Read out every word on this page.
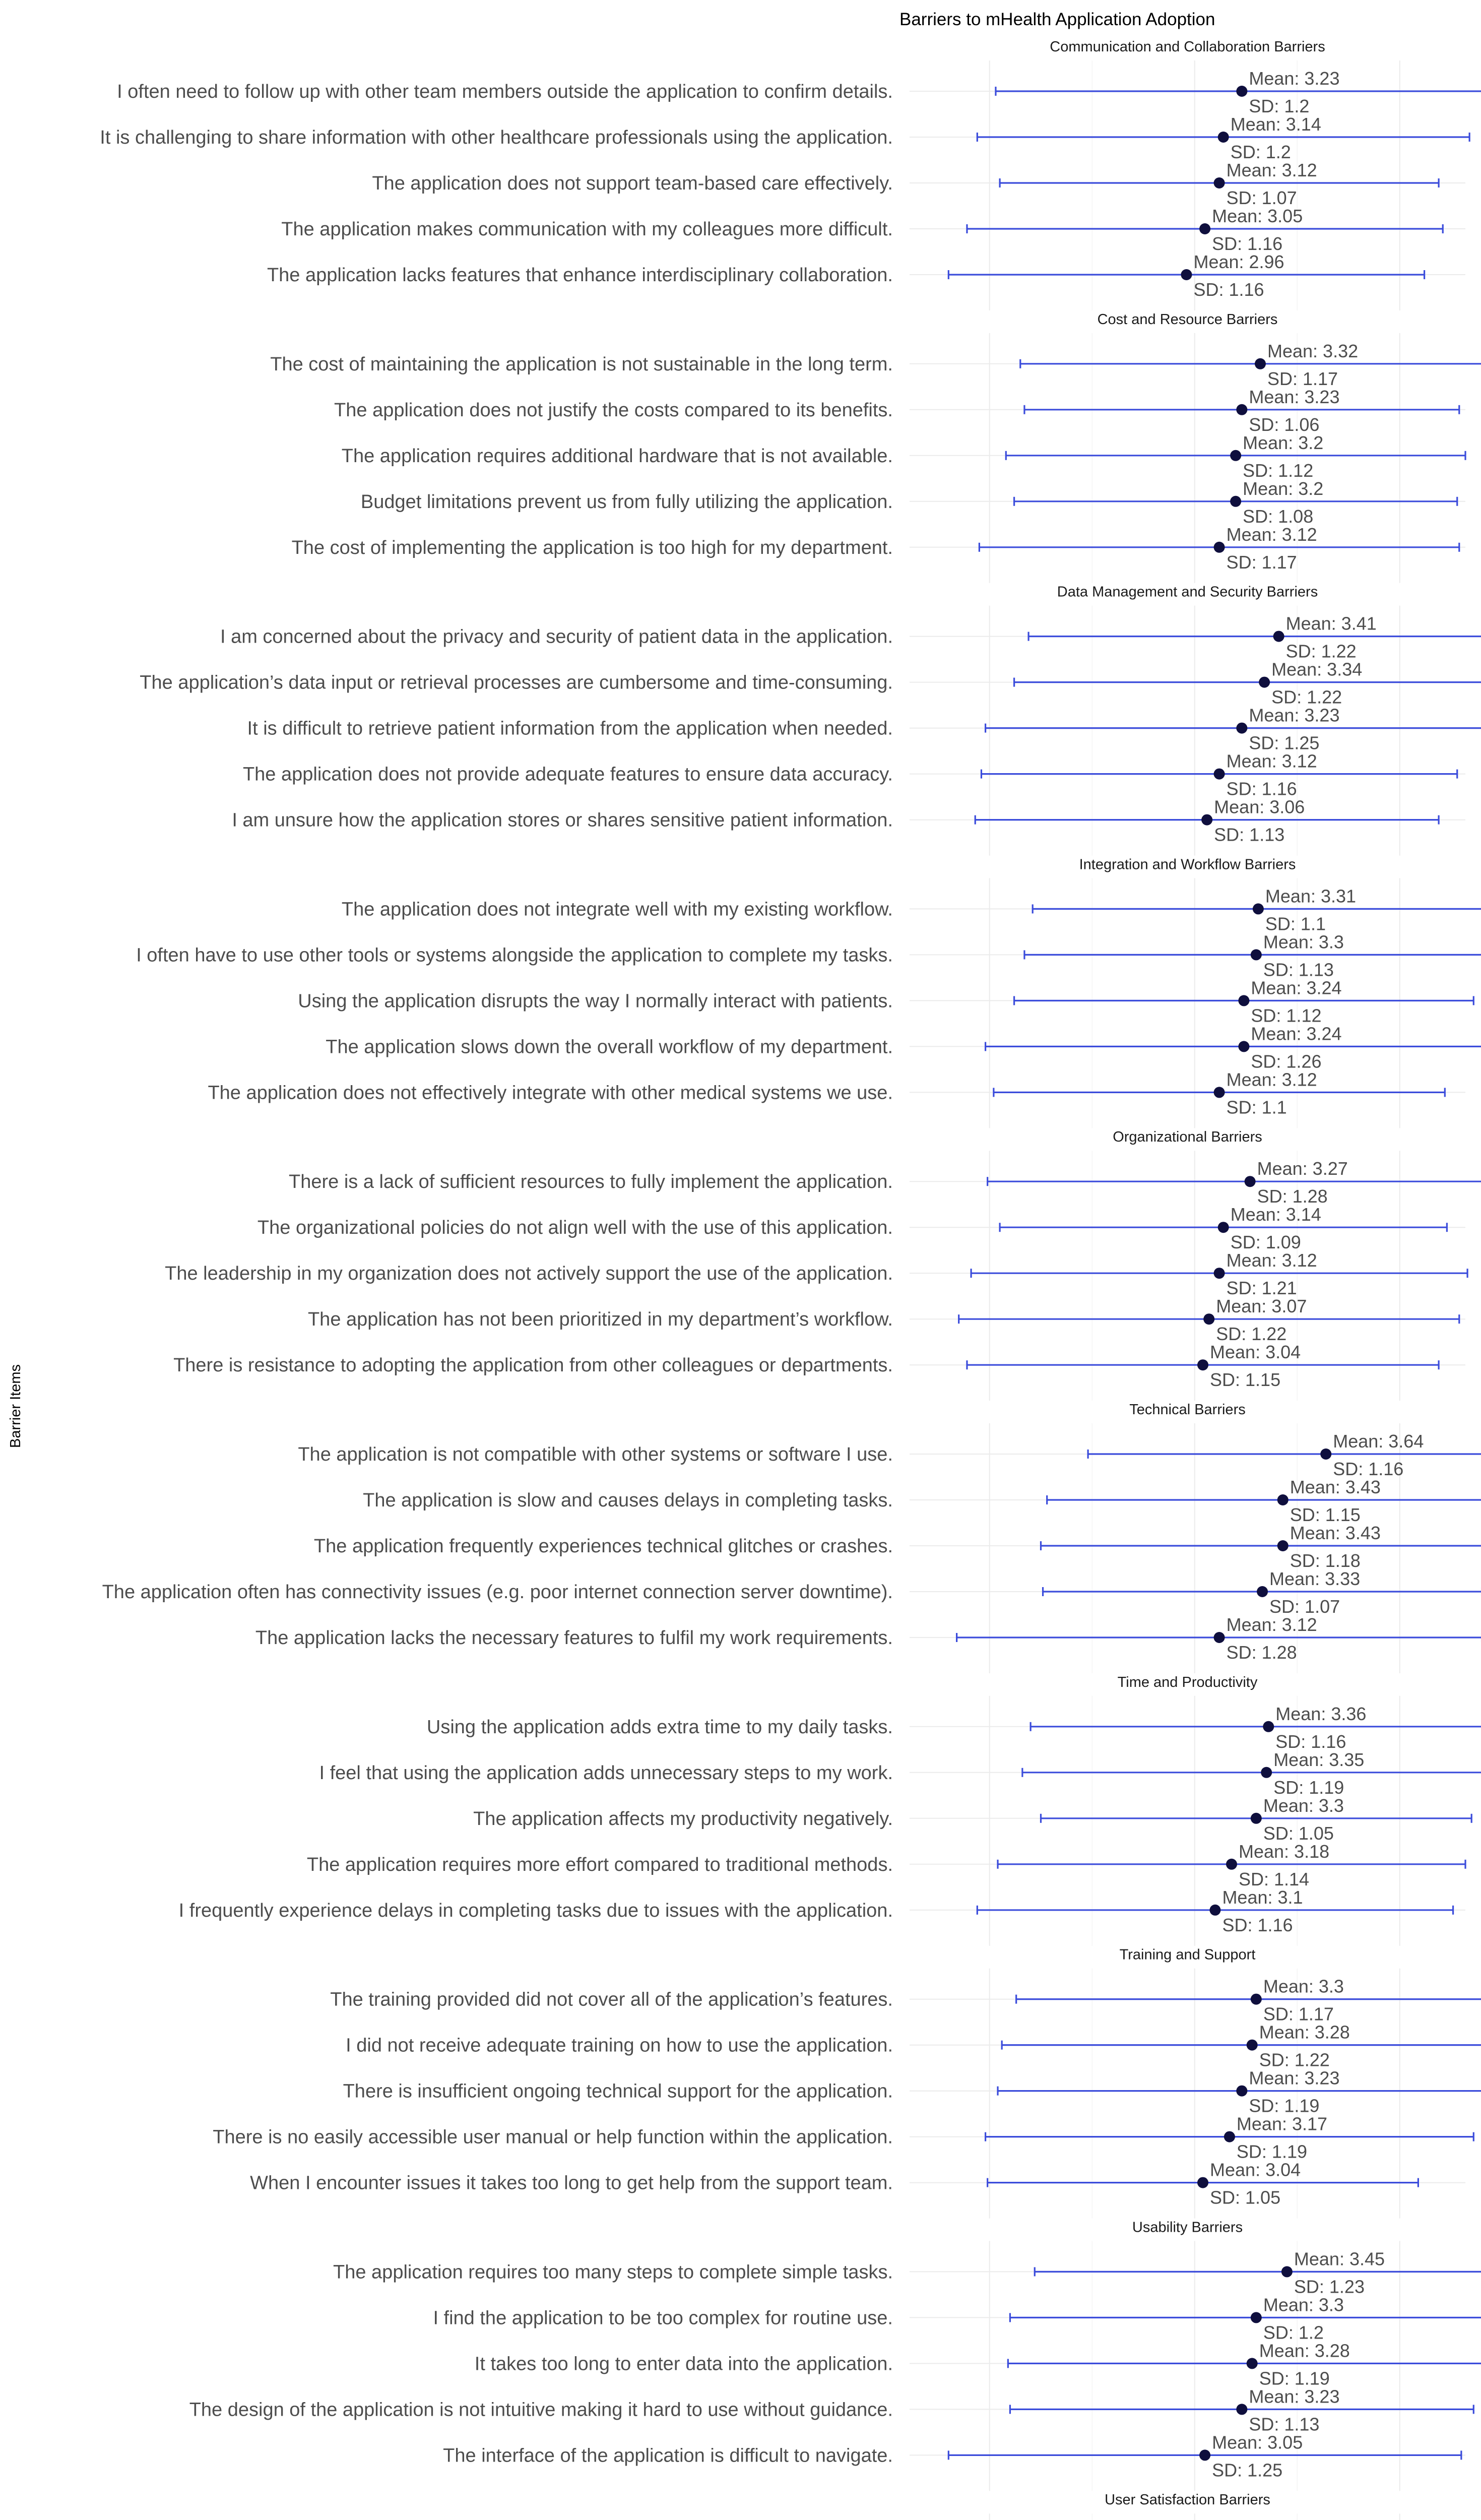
Barriers to mHealth Application Adoption
Barrier Items
Communication and Collaboration Barriers
I often need to follow up with other team members outside the application to confirm details.
Mean: 3.23
SD: 1.2
It is challenging to share information with other healthcare professionals using the application.
Mean: 3.14
SD: 1.2
The application does not support team-based care effectively.
Mean: 3.12
SD: 1.07
The application makes communication with my colleagues more difficult.
Mean: 3.05
SD: 1.16
The application lacks features that enhance interdisciplinary collaboration.
Mean: 2.96
SD: 1.16
Cost and Resource Barriers
The cost of maintaining the application is not sustainable in the long term.
Mean: 3.32
SD: 1.17
The application does not justify the costs compared to its benefits.
Mean: 3.23
SD: 1.06
The application requires additional hardware that is not available.
Mean: 3.2
SD: 1.12
Budget limitations prevent us from fully utilizing the application.
Mean: 3.2
SD: 1.08
The cost of implementing the application is too high for my department.
Mean: 3.12
SD: 1.17
Data Management and Security Barriers
I am concerned about the privacy and security of patient data in the application.
Mean: 3.41
SD: 1.22
The application’s data input or retrieval processes are cumbersome and time-consuming.
Mean: 3.34
SD: 1.22
It is difficult to retrieve patient information from the application when needed.
Mean: 3.23
SD: 1.25
The application does not provide adequate features to ensure data accuracy.
Mean: 3.12
SD: 1.16
I am unsure how the application stores or shares sensitive patient information.
Mean: 3.06
SD: 1.13
Integration and Workflow Barriers
The application does not integrate well with my existing workflow.
Mean: 3.31
SD: 1.1
I often have to use other tools or systems alongside the application to complete my tasks.
Mean: 3.3
SD: 1.13
Using the application disrupts the way I normally interact with patients.
Mean: 3.24
SD: 1.12
The application slows down the overall workflow of my department.
Mean: 3.24
SD: 1.26
The application does not effectively integrate with other medical systems we use.
Mean: 3.12
SD: 1.1
Organizational Barriers
There is a lack of sufficient resources to fully implement the application.
Mean: 3.27
SD: 1.28
The organizational policies do not align well with the use of this application.
Mean: 3.14
SD: 1.09
The leadership in my organization does not actively support the use of the application.
Mean: 3.12
SD: 1.21
The application has not been prioritized in my department’s workflow.
Mean: 3.07
SD: 1.22
There is resistance to adopting the application from other colleagues or departments.
Mean: 3.04
SD: 1.15
Technical Barriers
The application is not compatible with other systems or software I use.
Mean: 3.64
SD: 1.16
The application is slow and causes delays in completing tasks.
Mean: 3.43
SD: 1.15
The application frequently experiences technical glitches or crashes.
Mean: 3.43
SD: 1.18
The application often has connectivity issues (e.g. poor internet connection server downtime).
Mean: 3.33
SD: 1.07
The application lacks the necessary features to fulfil my work requirements.
Mean: 3.12
SD: 1.28
Time and Productivity
Using the application adds extra time to my daily tasks.
Mean: 3.36
SD: 1.16
I feel that using the application adds unnecessary steps to my work.
Mean: 3.35
SD: 1.19
The application affects my productivity negatively.
Mean: 3.3
SD: 1.05
The application requires more effort compared to traditional methods.
Mean: 3.18
SD: 1.14
I frequently experience delays in completing tasks due to issues with the application.
Mean: 3.1
SD: 1.16
Training and Support
The training provided did not cover all of the application’s features.
Mean: 3.3
SD: 1.17
I did not receive adequate training on how to use the application.
Mean: 3.28
SD: 1.22
There is insufficient ongoing technical support for the application.
Mean: 3.23
SD: 1.19
There is no easily accessible user manual or help function within the application.
Mean: 3.17
SD: 1.19
When I encounter issues it takes too long to get help from the support team.
Mean: 3.04
SD: 1.05
Usability Barriers
The application requires too many steps to complete simple tasks.
Mean: 3.45
SD: 1.23
I find the application to be too complex for routine use.
Mean: 3.3
SD: 1.2
It takes too long to enter data into the application.
Mean: 3.28
SD: 1.19
The design of the application is not intuitive making it hard to use without guidance.
Mean: 3.23
SD: 1.13
The interface of the application is difficult to navigate.
Mean: 3.05
SD: 1.25
User Satisfaction Barriers
